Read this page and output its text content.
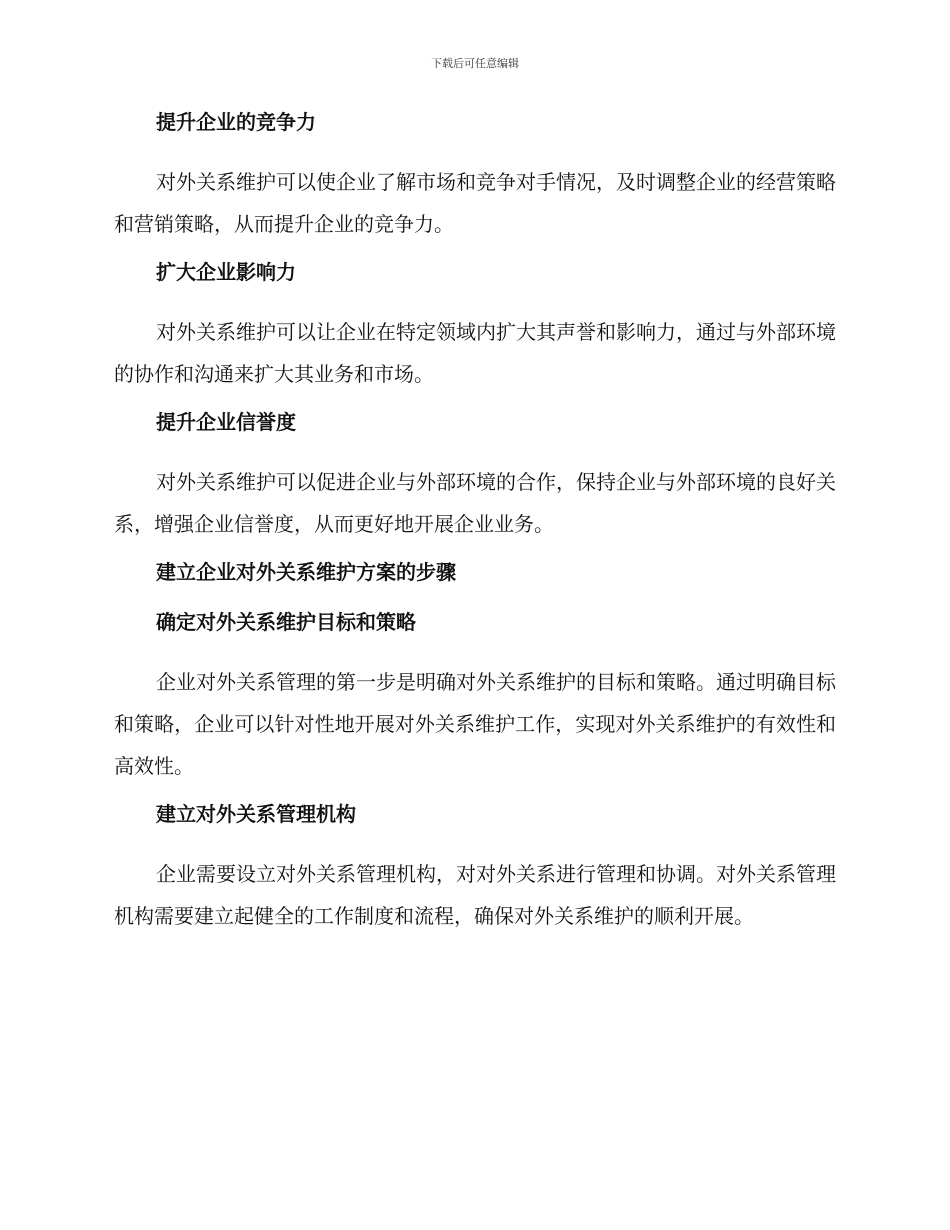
下载后可任意编辑
提升企业的竞争力

对外关系维护可以使企业了解市场和竞争对手情况，及时调整企业的经营策略和营销策略，从而提升企业的竞争力。

扩大企业影响力

对外关系维护可以让企业在特定领域内扩大其声誉和影响力，通过与外部环境的协作和沟通来扩大其业务和市场。

提升企业信誉度

对外关系维护可以促进企业与外部环境的合作，保持企业与外部环境的良好关系，增强企业信誉度，从而更好地开展企业业务。

建立企业对外关系维护方案的步骤
确定对外关系维护目标和策略

企业对外关系管理的第一步是明确对外关系维护的目标和策略。通过明确目标和策略，企业可以针对性地开展对外关系维护工作，实现对外关系维护的有效性和高效性。

建立对外关系管理机构

企业需要设立对外关系管理机构，对对外关系进行管理和协调。对外关系管理机构需要建立起健全的工作制度和流程，确保对外关系维护的顺利开展。
